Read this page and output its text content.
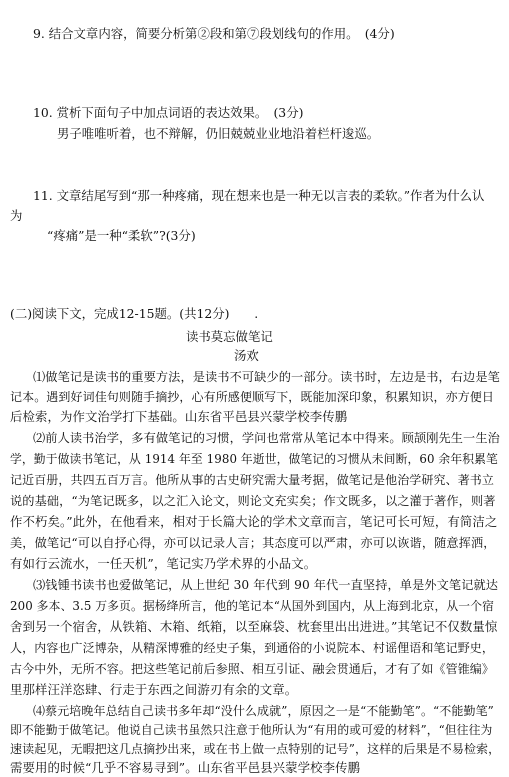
9. 结合文章内容，简要分析第②段和第⑦段划线句的作用。　(4分)
10. 赏析下面句子中加点词语的表达效果。　(3分)
男子唯唯听着，也不辩解，仍旧兢兢业业地沿着栏杆逡巡。
11. 文章结尾写到“那一种疼痛，现在想来也是一种无以言表的柔软。”作者为什么认
为
“疼痛”是一种“柔软”?(3分)
(二)阅读下文，完成12-15题。(共12分)　　.
读书莫忘做笔记
汤欢
⑴做笔记是读书的重要方法，是读书不可缺少的一部分。读书时，左边是书，右边是笔
记本。遇到好词佳句则随手摘抄，心有所感便顺写下，既能加深印象，积累知识，亦方便日
后检索，为作文治学打下基础。山东省平邑县兴蒙学校李传鹏
⑵前人读书治学，多有做笔记的习惯，学问也常常从笔记本中得来。顾颉刚先生一生治
学，勤于做读书笔记，从 1914 年至 1980 年逝世，做笔记的习惯从未间断，60 余年积累笔
记近百册，共四五百万言。他所从事的古史研究需大量考据，做笔记是他治学研究、著书立
说的基础，“为笔记既多，以之汇入论文，则论文充实矣；作文既多，以之灌于著作，则著
作不朽矣。”此外，在他看来，相对于长篇大论的学术文章而言，笔记可长可短，有简洁之
美，做笔记“可以自抒心得，亦可以记录人言；其态度可以严肃，亦可以诙谐，随意挥洒，
有如行云流水，一任天机”，笔记实乃学术界的小品文。
⑶钱锺书读书也爱做笔记，从上世纪 30 年代到 90 年代一直坚持，单是外文笔记就达
200 多本、3.5 万多页。据杨绛所言，他的笔记本“从国外到国内，从上海到北京，从一个宿
舍到另一个宿舍，从铁箱、木箱、纸箱，以至麻袋、枕套里出出进进。”其笔记不仅数量惊
人，内容也广泛博杂，从精深博雅的经史子集，到通俗的小说院本、村谣俚语和笔记野史，
古今中外，无所不容。把这些笔记前后参照、相互引证、融会贯通后，才有了如《管锥编》
里那样汪洋恣肆、行走于东西之间游刃有余的文章。
⑷蔡元培晚年总结自己读书多年却“没什么成就”，原因之一是“不能勤笔”。“不能勤笔”
即不能勤于做笔记。他说自己读书虽然只注意于他所认为“有用的或可爱的材料”，“但往往为
速读起见，无暇把这几点摘抄出来，或在书上做一点特别的记号”，这样的后果是不易检索，
需要用的时候“几乎不容易寻到”。山东省平邑县兴蒙学校李传鹏
